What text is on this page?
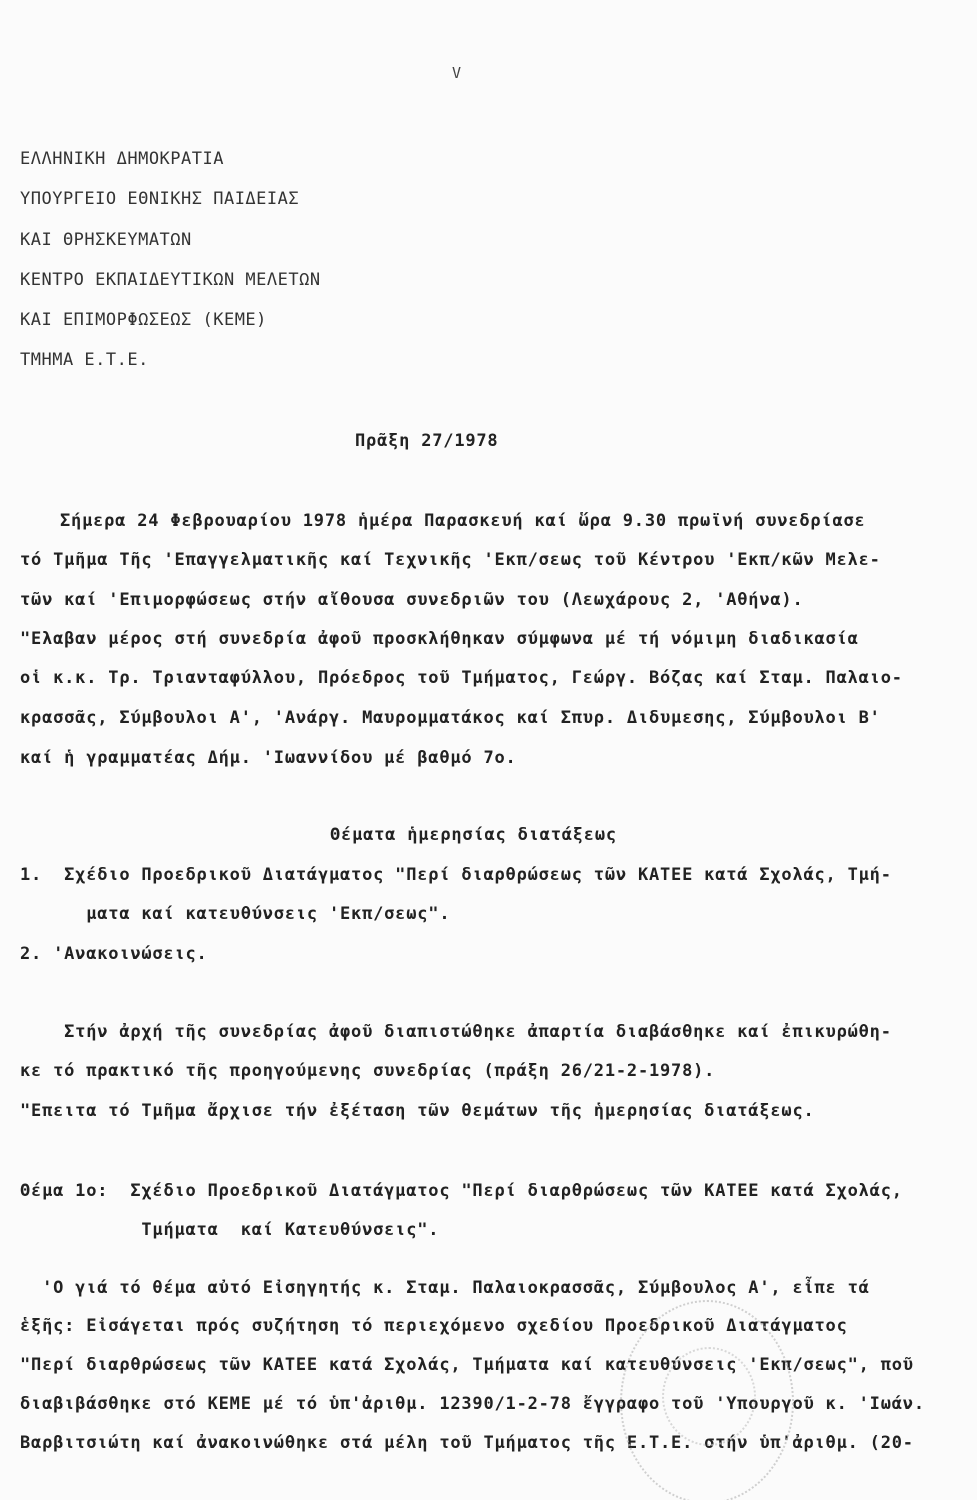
V
ΕΛΛΗΝΙΚΗ ΔΗΜΟΚΡΑΤΙΑ
ΥΠΟΥΡΓΕΙΟ ΕΘΝΙΚΗΣ ΠΑΙΔΕΙΑΣ
ΚΑΙ ΘΡΗΣΚΕΥΜΑΤΩΝ
ΚΕΝΤΡΟ ΕΚΠΑΙΔΕΥΤΙΚΩΝ ΜΕΛΕΤΩΝ
ΚΑΙ ΕΠΙΜΟΡΦΩΣΕΩΣ (ΚΕΜΕ)
ΤΜΗΜΑ Ε.Τ.Ε.
Πρᾶξη 27/1978
Σήμερα 24 Φεβρουαρίου 1978 ἡμέρα Παρασκευή καί ὥρα 9.30 πρωϊνή συνεδρίασε
τό Τμῆμα Τῆς 'Επαγγελματικῆς καί Τεχνικῆς 'Εκπ/σεως τοῦ Κέντρου 'Εκπ/κῶν Μελε-
τῶν καί 'Επιμορφώσεως στήν αἴθουσα συνεδριῶν του (Λεωχάρους 2, 'Αθήνα).
"Ελαβαν μέρος στή συνεδρία ἀφοῦ προσκλήθηκαν σύμφωνα μέ τή νόμιμη διαδικασία
οἱ κ.κ. Τρ. Τριανταφύλλου, Πρόεδρος τοῦ Τμήματος, Γεώργ. Βόζας καί Σταμ. Παλαιο-
κρασσᾶς, Σύμβουλοι Α', 'Ανάργ. Μαυρομματάκος καί Σπυρ. Διδυμεσης, Σύμβουλοι Β'
καί ἡ γραμματέας Δήμ. 'Ιωαννίδου μέ βαθμό 7ο.
Θέματα ἡμερησίας διατάξεως
1.  Σχέδιο Προεδρικοῦ Διατάγματος "Περί διαρθρώσεως τῶν ΚΑΤΕΕ κατά Σχολάς, Τμή-
ματα καί κατευθύνσεις 'Εκπ/σεως".
2. 'Ανακοινώσεις.
Στήν ἀρχή τῆς συνεδρίας ἀφοῦ διαπιστώθηκε ἀπαρτία διαβάσθηκε καί ἐπικυρώθη-
κε τό πρακτικό τῆς προηγούμενης συνεδρίας (πράξη 26/21-2-1978).
"Επειτα τό Τμῆμα ἄρχισε τήν ἐξέταση τῶν θεμάτων τῆς ἡμερησίας διατάξεως.
Θέμα 1ο:  Σχέδιο Προεδρικοῦ Διατάγματος "Περί διαρθρώσεως τῶν ΚΑΤΕΕ κατά Σχολάς,
Τμήματα  καί Κατευθύνσεις".
'Ο γιά τό θέμα αὐτό Εἰσηγητής κ. Σταμ. Παλαιοκρασσᾶς, Σύμβουλος Α', εἶπε τά
ἑξῆς: Εἰσάγεται πρός συζήτηση τό περιεχόμενο σχεδίου Προεδρικοῦ Διατάγματος
"Περί διαρθρώσεως τῶν ΚΑΤΕΕ κατά Σχολάς, Τμήματα καί κατευθύνσεις 'Εκπ/σεως", ποῦ
διαβιβάσθηκε στό ΚΕΜΕ μέ τό ὑπ'ἀριθμ. 12390/1-2-78 ἔγγραφο τοῦ 'Υπουργοῦ κ. 'Ιωάν.
Βαρβιτσιώτη καί ἀνακοινώθηκε στά μέλη τοῦ Τμήματος τῆς Ε.Τ.Ε. στήν ὑπ'ἀριθμ. (20-
